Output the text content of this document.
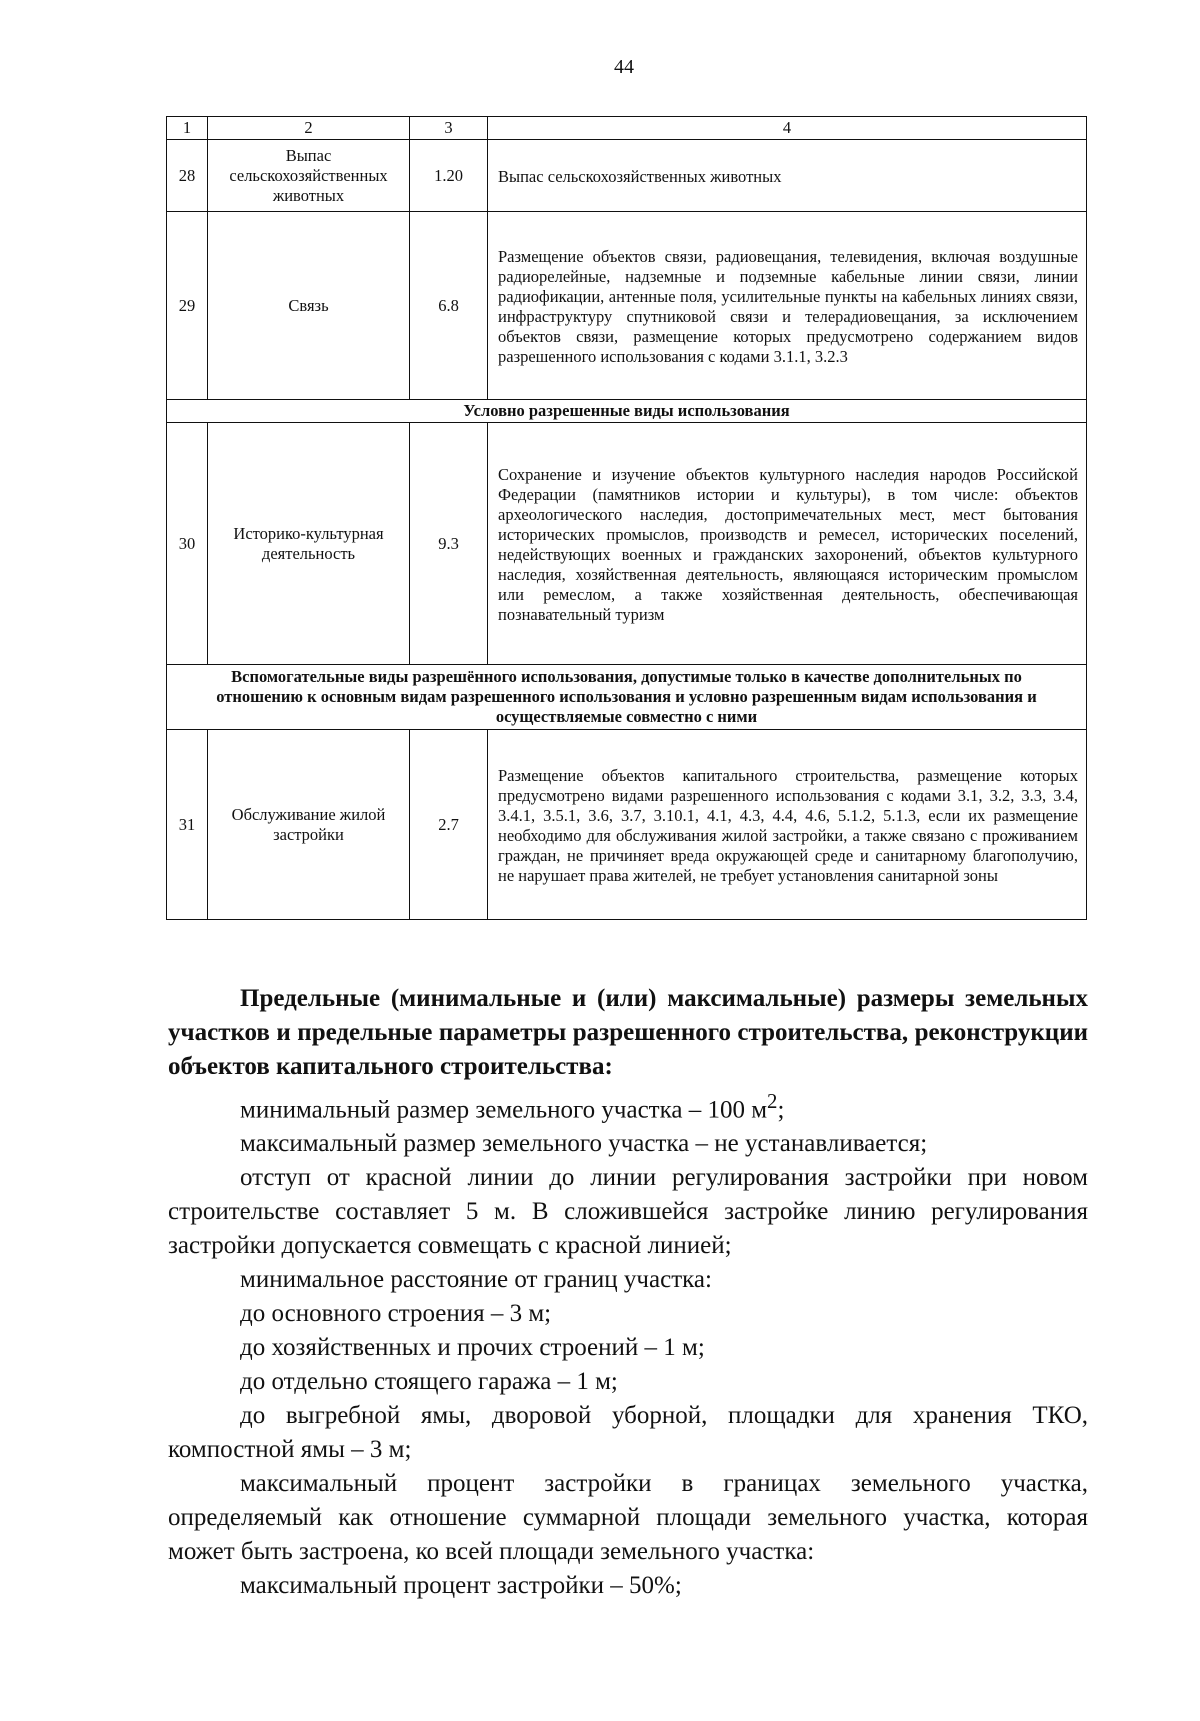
44
1	2	3	4
28	Выпас сельскохозяйственных животных	1.20	Выпас сельскохозяйственных животных
29	Связь	6.8	Размещение объектов связи, радиовещания, телевидения, включая воздушные радиорелейные, надземные и подземные кабельные линии связи, линии радиофикации, антенные поля, усилительные пункты на кабельных линиях связи, инфраструктуру спутниковой связи и телерадиовещания, за исключением объектов связи, размещение которых предусмотрено содержанием видов разрешенного использования с кодами 3.1.1, 3.2.3
Условно разрешенные виды использования			
30	Историко-культурная деятельность	9.3	Сохранение и изучение объектов культурного наследия народов Российской Федерации (памятников истории и культуры), в том числе: объектов археологического наследия, достопримечательных мест, мест бытования исторических промыслов, производств и ремесел, исторических поселений, недействующих военных и гражданских захоронений, объектов культурного наследия, хозяйственная деятельность, являющаяся историческим промыслом или ремеслом, а также хозяйственная деятельность, обеспечивающая познавательный туризм
Вспомогательные виды разрешённого использования, допустимые только в качестве дополнительных по отношению к основным видам разрешенного использования и условно разрешенным видам использования и осуществляемые совместно с ними			
31	Обслуживание жилой застройки	2.7	Размещение объектов капитального строительства, размещение которых предусмотрено видами разрешенного использования с кодами 3.1, 3.2, 3.3, 3.4, 3.4.1, 3.5.1, 3.6, 3.7, 3.10.1, 4.1, 4.3, 4.4, 4.6, 5.1.2, 5.1.3, если их размещение необходимо для обслуживания жилой застройки, а также связано с проживанием граждан, не причиняет вреда окружающей среде и санитарному благополучию, не нарушает права жителей, не требует установления санитарной зоны

Предельные (минимальные и (или) максимальные) размеры земельных участков и предельные параметры разрешенного строительства, реконструкции объектов капитального строительства:

минимальный размер земельного участка – 100 $м^2$;

максимальный размер земельного участка – не устанавливается;

отступ от красной линии до линии регулирования застройки при новом строительстве составляет 5 м. В сложившейся застройке линию регулирования застройки допускается совмещать с красной линией;

минимальное расстояние от границ участка:

до основного строения – 3 м;

до хозяйственных и прочих строений – 1 м;

до отдельно стоящего гаража – 1 м;

до выгребной ямы, дворовой уборной, площадки для хранения ТКО, компостной ямы – 3 м;

максимальный процент застройки в границах земельного участка, определяемый как отношение суммарной площади земельного участка, которая может быть застроена, ко всей площади земельного участка:

максимальный процент застройки – 50%;
